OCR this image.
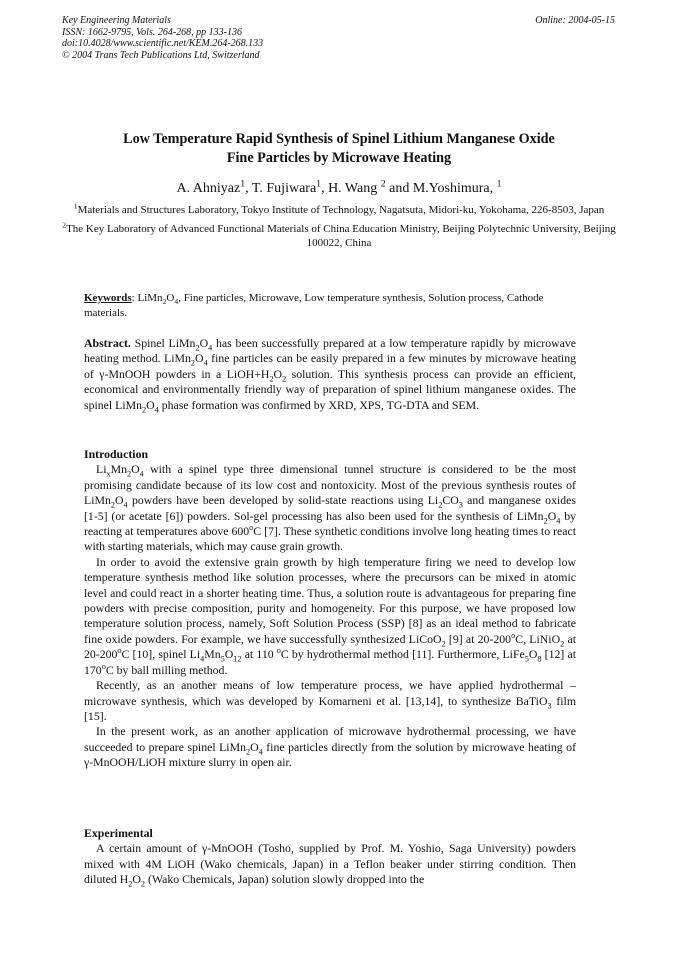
Key Engineering Materials
ISSN: 1662-9795, Vols. 264-268, pp 133-136
doi:10.4028/www.scientific.net/KEM.264-268.133
© 2004 Trans Tech Publications Ltd, Switzerland
Online: 2004-05-15
Low Temperature Rapid Synthesis of Spinel Lithium Manganese Oxide
Fine Particles by Microwave Heating
A. Ahniyaz$^1$, T. Fujiwara$^1$, H. Wang $^2$ and M.Yoshimura, $^1$

$^1$Materials and Structures Laboratory, Tokyo Institute of Technology, Nagatsuta, Midori-ku, Yokohama, 226-8503, Japan

$^2$The Key Laboratory of Advanced Functional Materials of China Education Ministry, Beijing Polytechnic University, Beijing 100022, China

Keywords: $LiMn_2O_4$, Fine particles, Microwave, Low temperature synthesis, Solution process, Cathode materials.
Abstract. Spinel $LiMn_2O_4$ has been successfully prepared at a low temperature rapidly by microwave heating method. $LiMn_2O_4$ fine particles can be easily prepared in a few minutes by microwave heating of γ-MnOOH powders in a $LiOH+H_2O_2$ solution. This synthesis process can provide an efficient, economical and environmentally friendly way of preparation of spinel lithium manganese oxides. The spinel $LiMn_2O_4$ phase formation was confirmed by XRD, XPS, TG-DTA and SEM.
Introduction

$Li_xMn_2O_4$ with a spinel type three dimensional tunnel structure is considered to be the most promising candidate because of its low cost and nontoxicity. Most of the previous synthesis routes of $LiMn_2O_4$ powders have been developed by solid-state reactions using $Li_2CO_3$ and manganese oxides [1-5] (or acetate [6]) powders. Sol-gel processing has also been used for the synthesis of $LiMn_2O_4$ by reacting at temperatures above 600$^o$C [7]. These synthetic conditions involve long heating times to react with starting materials, which may cause grain growth.

In order to avoid the extensive grain growth by high temperature firing we need to develop low temperature synthesis method like solution processes, where the precursors can be mixed in atomic level and could react in a shorter heating time. Thus, a solution route is advantageous for preparing fine powders with precise composition, purity and homogeneity. For this purpose, we have proposed low temperature solution process, namely, Soft Solution Process (SSP) [8] as an ideal method to fabricate fine oxide powders. For example, we have successfully synthesized LiCoO$_2$ [9] at 20-200$^o$C, LiNiO$_2$ at 20-200$^o$C [10], spinel $Li_4Mn_5O_{12}$ at 110 $^o$C by hydrothermal method [11]. Furthermore, $LiFe_5O_8$ [12] at 170$^o$C by ball milling method.

Recently, as an another means of low temperature process, we have applied hydrothermal –microwave synthesis, which was developed by Komarneni et al. [13,14], to synthesize BaTiO$_3$ film [15].

In the present work, as an another application of microwave hydrothermal processing, we have succeeded to prepare spinel $LiMn_2O_4$ fine particles directly from the solution by microwave heating of γ-MnOOH/LiOH mixture slurry in open air.

Experimental

A certain amount of γ-MnOOH (Tosho, supplied by Prof. M. Yoshio, Saga University) powders mixed with 4M LiOH (Wako chemicals, Japan) in a Teflon beaker under stirring condition. Then diluted $H_2O_2$ (Wako Chemicals, Japan) solution slowly dropped into the
